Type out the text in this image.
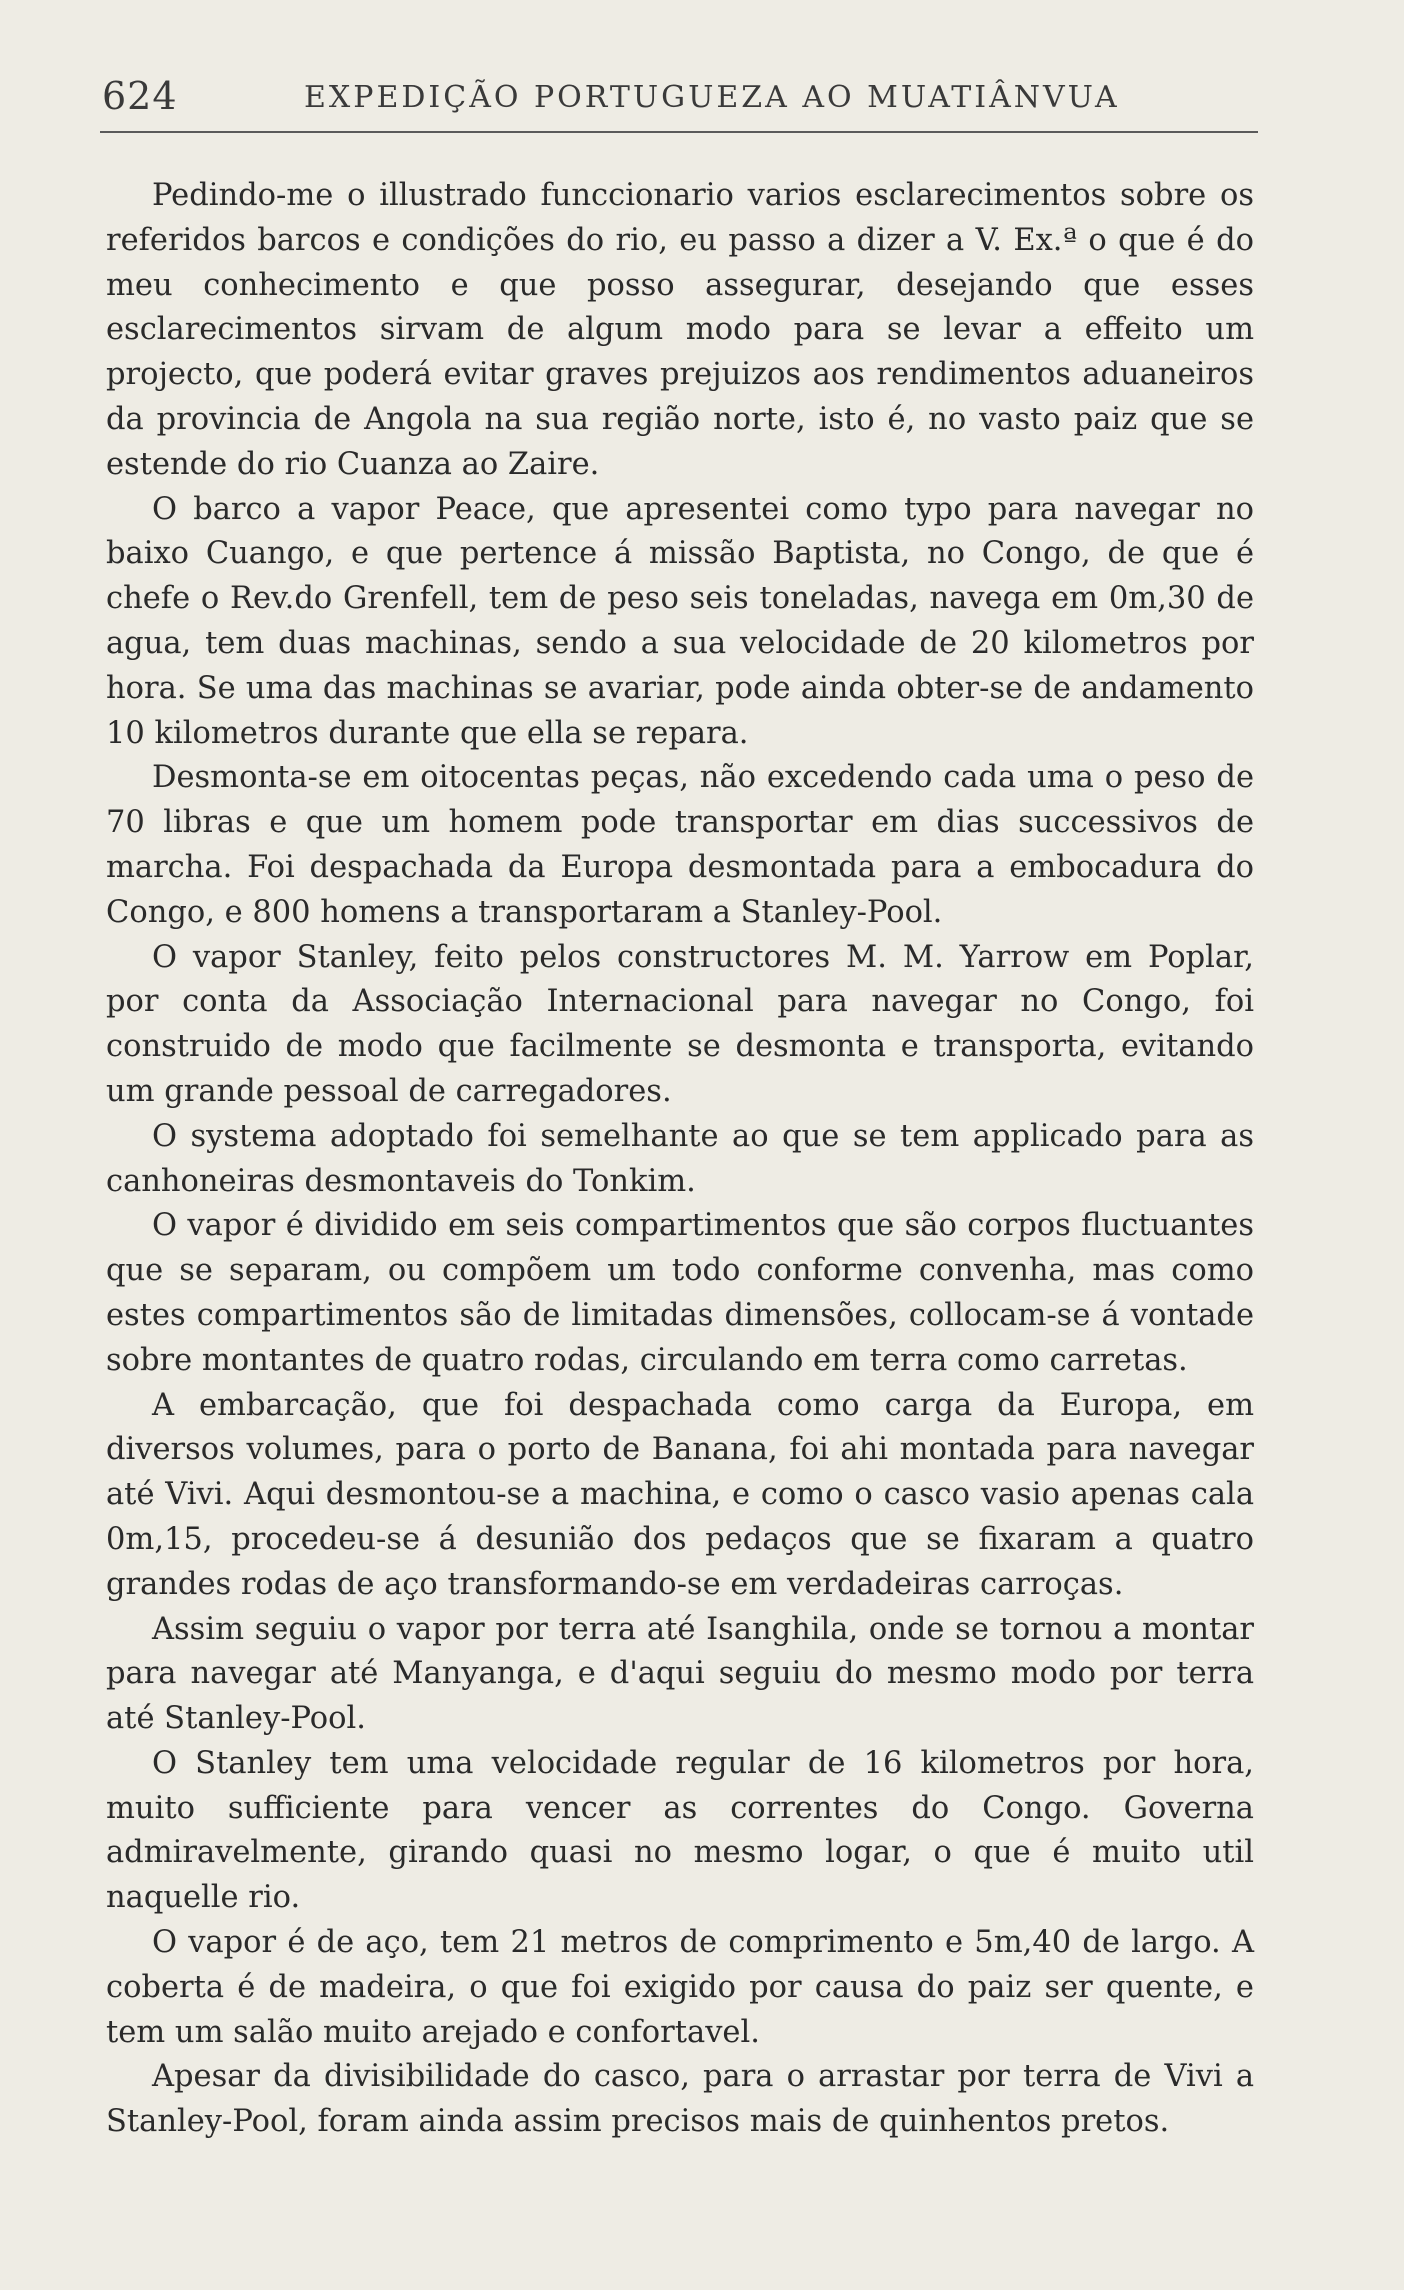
624	EXPEDIÇÃO PORTUGUEZA AO MUATIÂNVUA

Pedindo-me o illustrado funccionario varios esclarecimentos sobre os referidos barcos e condições do rio, eu passo a dizer a V. Ex.ª o que é do meu conhecimento e que posso assegurar, desejando que esses esclarecimentos sirvam de algum modo para se levar a effeito um projecto, que poderá evitar graves prejuizos aos rendimentos aduaneiros da provincia de Angola na sua região norte, isto é, no vasto paiz que se estende do rio Cuanza ao Zaire.

O barco a vapor Peace, que apresentei como typo para navegar no baixo Cuango, e que pertence á missão Baptista, no Congo, de que é chefe o Rev.do Grenfell, tem de peso seis toneladas, navega em 0m,30 de agua, tem duas machinas, sendo a sua velocidade de 20 kilometros por hora. Se uma das machinas se avariar, pode ainda obter-se de andamento 10 kilometros durante que ella se repara.

Desmonta-se em oitocentas peças, não excedendo cada uma o peso de 70 libras e que um homem pode transportar em dias successivos de marcha. Foi despachada da Europa desmontada para a embocadura do Congo, e 800 homens a transportaram a Stanley-Pool.

O vapor Stanley, feito pelos constructores M. M. Yarrow em Poplar, por conta da Associação Internacional para navegar no Congo, foi construido de modo que facilmente se desmonta e transporta, evitando um grande pessoal de carregadores.

O systema adoptado foi semelhante ao que se tem applicado para as canhoneiras desmontaveis do Tonkim.

O vapor é dividido em seis compartimentos que são corpos fluctuantes que se separam, ou compõem um todo conforme convenha, mas como estes compartimentos são de limitadas dimensões, collocam-se á vontade sobre montantes de quatro rodas, circulando em terra como carretas.

A embarcação, que foi despachada como carga da Europa, em diversos volumes, para o porto de Banana, foi ahi montada para navegar até Vivi. Aqui desmontou-se a machina, e como o casco vasio apenas cala 0m,15, procedeu-se á desunião dos pedaços que se fixaram a quatro grandes rodas de aço transformando-se em verdadeiras carroças.

Assim seguiu o vapor por terra até Isanghila, onde se tornou a montar para navegar até Manyanga, e d'aqui seguiu do mesmo modo por terra até Stanley-Pool.

O Stanley tem uma velocidade regular de 16 kilometros por hora, muito sufficiente para vencer as correntes do Congo. Governa admiravelmente, girando quasi no mesmo logar, o que é muito util naquelle rio.

O vapor é de aço, tem 21 metros de comprimento e 5m,40 de largo. A coberta é de madeira, o que foi exigido por causa do paiz ser quente, e tem um salão muito arejado e confortavel.

Apesar da divisibilidade do casco, para o arrastar por terra de Vivi a Stanley-Pool, foram ainda assim precisos mais de quinhentos pretos.
